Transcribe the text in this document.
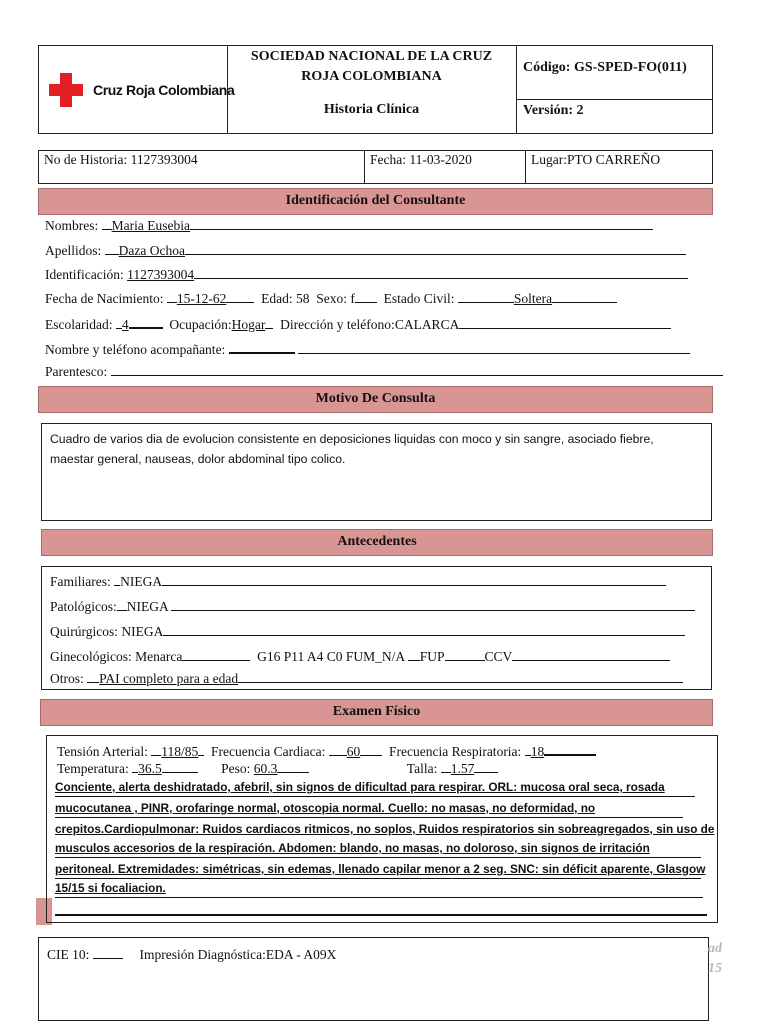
Cruz Roja Colombiana
SOCIEDAD NACIONAL DE LA CRUZ
ROJA COLOMBIANA
Historia Clínica
Código: GS-SPED-FO(011)
Versión: 2
No de Historia: 1127393004	Fecha: 11-03-2020	Lugar:PTO CARREÑO
Identificación del Consultante
Nombres: Maria Eusebia
Apellidos: Daza Ochoa
Identificación: 1127393004
Fecha de Nacimiento: 15-12-62	Edad: 58 Sexo: f Estado Civil:	Soltera
Escolaridad: 4	Ocupación:Hogar Dirección y teléfono:CALARCA
Nombre y teléfono acompañante:
Parentesco:
Motivo De Consulta
Cuadro de varios dia de evolucion consistente en deposiciones liquidas con moco y sin sangre, asociado fiebre,
maestar general, nauseas, dolor abdominal tipo colico.
Antecedentes
Familiares: NIEGA
Patológicos: NIEGA
Quirúrgicos: NIEGA
Ginecológicos: Menarca	G16 P11 A4 C0 FUM_N/A FUP	CCV
Otros: PAI completo para a edad
Examen Físico
Tensión Arterial: 118/85 Frecuencia Cardiaca: 60 Frecuencia Respiratoria: 18
Temperatura: 36.5	Peso: 60.3	Talla: 1.57
Conciente, alerta deshidratado, afebril, sin signos de dificultad para respirar. ORL: mucosa oral seca, rosada
mucocutanea , PINR, orofaringe normal, otoscopia normal. Cuello: no masas, no deformidad, no
crepitos.Cardiopulmonar: Ruidos cardiacos ritmicos, no soplos, Ruidos respiratorios sin sobreagregados, sin uso de
musculos accesorios de la respiración. Abdomen: blando, no masas, no doloroso, sin signos de irritación
peritoneal. Extremidades: simétricas, sin edemas, llenado capilar menor a 2 seg. SNC: sin déficit aparente, Glasgow
15/15 si focaliacion.
CIE 10:	Impresión Diagnóstica:EDA - A09X	ad
15
